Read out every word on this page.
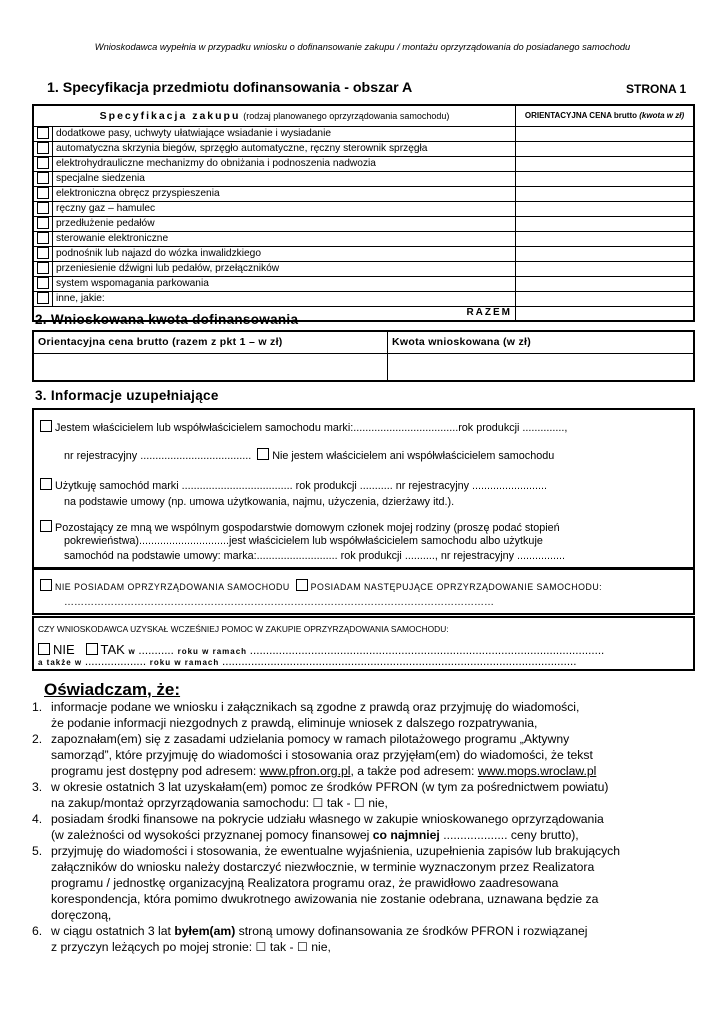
Wnioskodawca wypełnia w przypadku wniosku o dofinansowanie zakupu / montażu oprzyrządowania do posiadanego samochodu
1. Specyfikacja przedmiotu dofinansowania - obszar A	STRONA 1
Specyfikacja zakupu (rodzaj planowanego oprzyrządowania samochodu)		ORIENTACYJNA CENA brutto (kwota w zł)
	dodatkowe pasy, uchwyty ułatwiające wsiadanie i wysiadanie	
	automatyczna skrzynia biegów, sprzęgło automatyczne, ręczny sterownik sprzęgła	
	elektrohydrauliczne mechanizmy do obniżania i podnoszenia nadwozia	
	specjalne siedzenia	
	elektroniczna obręcz przyspieszenia	
	ręczny gaz – hamulec	
	przedłużenie pedałów	
	sterowanie elektroniczne	
	podnośnik lub najazd do wózka inwalidzkiego	
	przeniesienie dźwigni lub pedałów, przełączników	
	system wspomagania parkowania	
	inne, jakie:	
RAZEM		
2. Wnioskowana kwota dofinansowania
Orientacyjna cena brutto (razem z pkt 1 – w zł)	Kwota wnioskowana (w zł)

3. Informacje uzupełniające
Jestem właścicielem lub współwłaścicielem samochodu marki:...................................rok produkcji ..............,
nr rejestracyjny ..................................... Nie jestem właścicielem ani współwłaścicielem samochodu
Użytkuję samochód marki ..................................... rok produkcji ........... nr rejestracyjny .........................
na podstawie umowy (np. umowa użytkowania, najmu, użyczenia, dzierżawy itd.).
Pozostający ze mną we wspólnym gospodarstwie domowym członek mojej rodziny (proszę podać stopień
pokrewieństwa)..............................jest właścicielem lub współwłaścicielem samochodu albo użytkuje
samochód na podstawie umowy: marka:........................... rok produkcji .........., nr rejestracyjny ................
NIE POSIADAM OPRZYRZĄDOWANIA SAMOCHODU POSIADAM NASTĘPUJĄCE OPRZYRZĄDOWANIE SAMOCHODU:
…………………………………………………………………………………………………………………
CZY WNIOSKODAWCA UZYSKAŁ WCZEŚNIEJ POMOC W ZAKUPIE OPRZYRZĄDOWANIA SAMOCHODU:
NIE TAK w ........... roku w ramach ..............................................................................................................
a także w ................... roku w ramach ..............................................................................................................
Oświadczam, że:
1. informacje podane we wniosku i załącznikach są zgodne z prawdą oraz przyjmuję do wiadomości,
że podanie informacji niezgodnych z prawdą, eliminuje wniosek z dalszego rozpatrywania,
2. zapoznałam(em) się z zasadami udzielania pomocy w ramach pilotażowego programu „Aktywny
samorząd”, które przyjmuję do wiadomości i stosowania oraz przyjęłam(em) do wiadomości, że tekst
programu jest dostępny pod adresem: www.pfron.org.pl, a także pod adresem: www.mops.wroclaw.pl
3. w okresie ostatnich 3 lat uzyskałam(em) pomoc ze środków PFRON (w tym za pośrednictwem powiatu)
na zakup/montaż oprzyrządowania samochodu: ☐ tak - ☐ nie,
4. posiadam środki finansowe na pokrycie udziału własnego w zakupie wnioskowanego oprzyrządowania
(w zależności od wysokości przyznanej pomocy finansowej co najmniej ................... ceny brutto),
5. przyjmuję do wiadomości i stosowania, że ewentualne wyjaśnienia, uzupełnienia zapisów lub brakujących
załączników do wniosku należy dostarczyć niezwłocznie, w terminie wyznaczonym przez Realizatora
programu / jednostkę organizacyjną Realizatora programu oraz, że prawidłowo zaadresowana
korespondencja, która pomimo dwukrotnego awizowania nie zostanie odebrana, uznawana będzie za
doręczoną,
6. w ciągu ostatnich 3 lat byłem(am) stroną umowy dofinansowania ze środków PFRON i rozwiązanej
z przyczyn leżących po mojej stronie: ☐ tak - ☐ nie,
